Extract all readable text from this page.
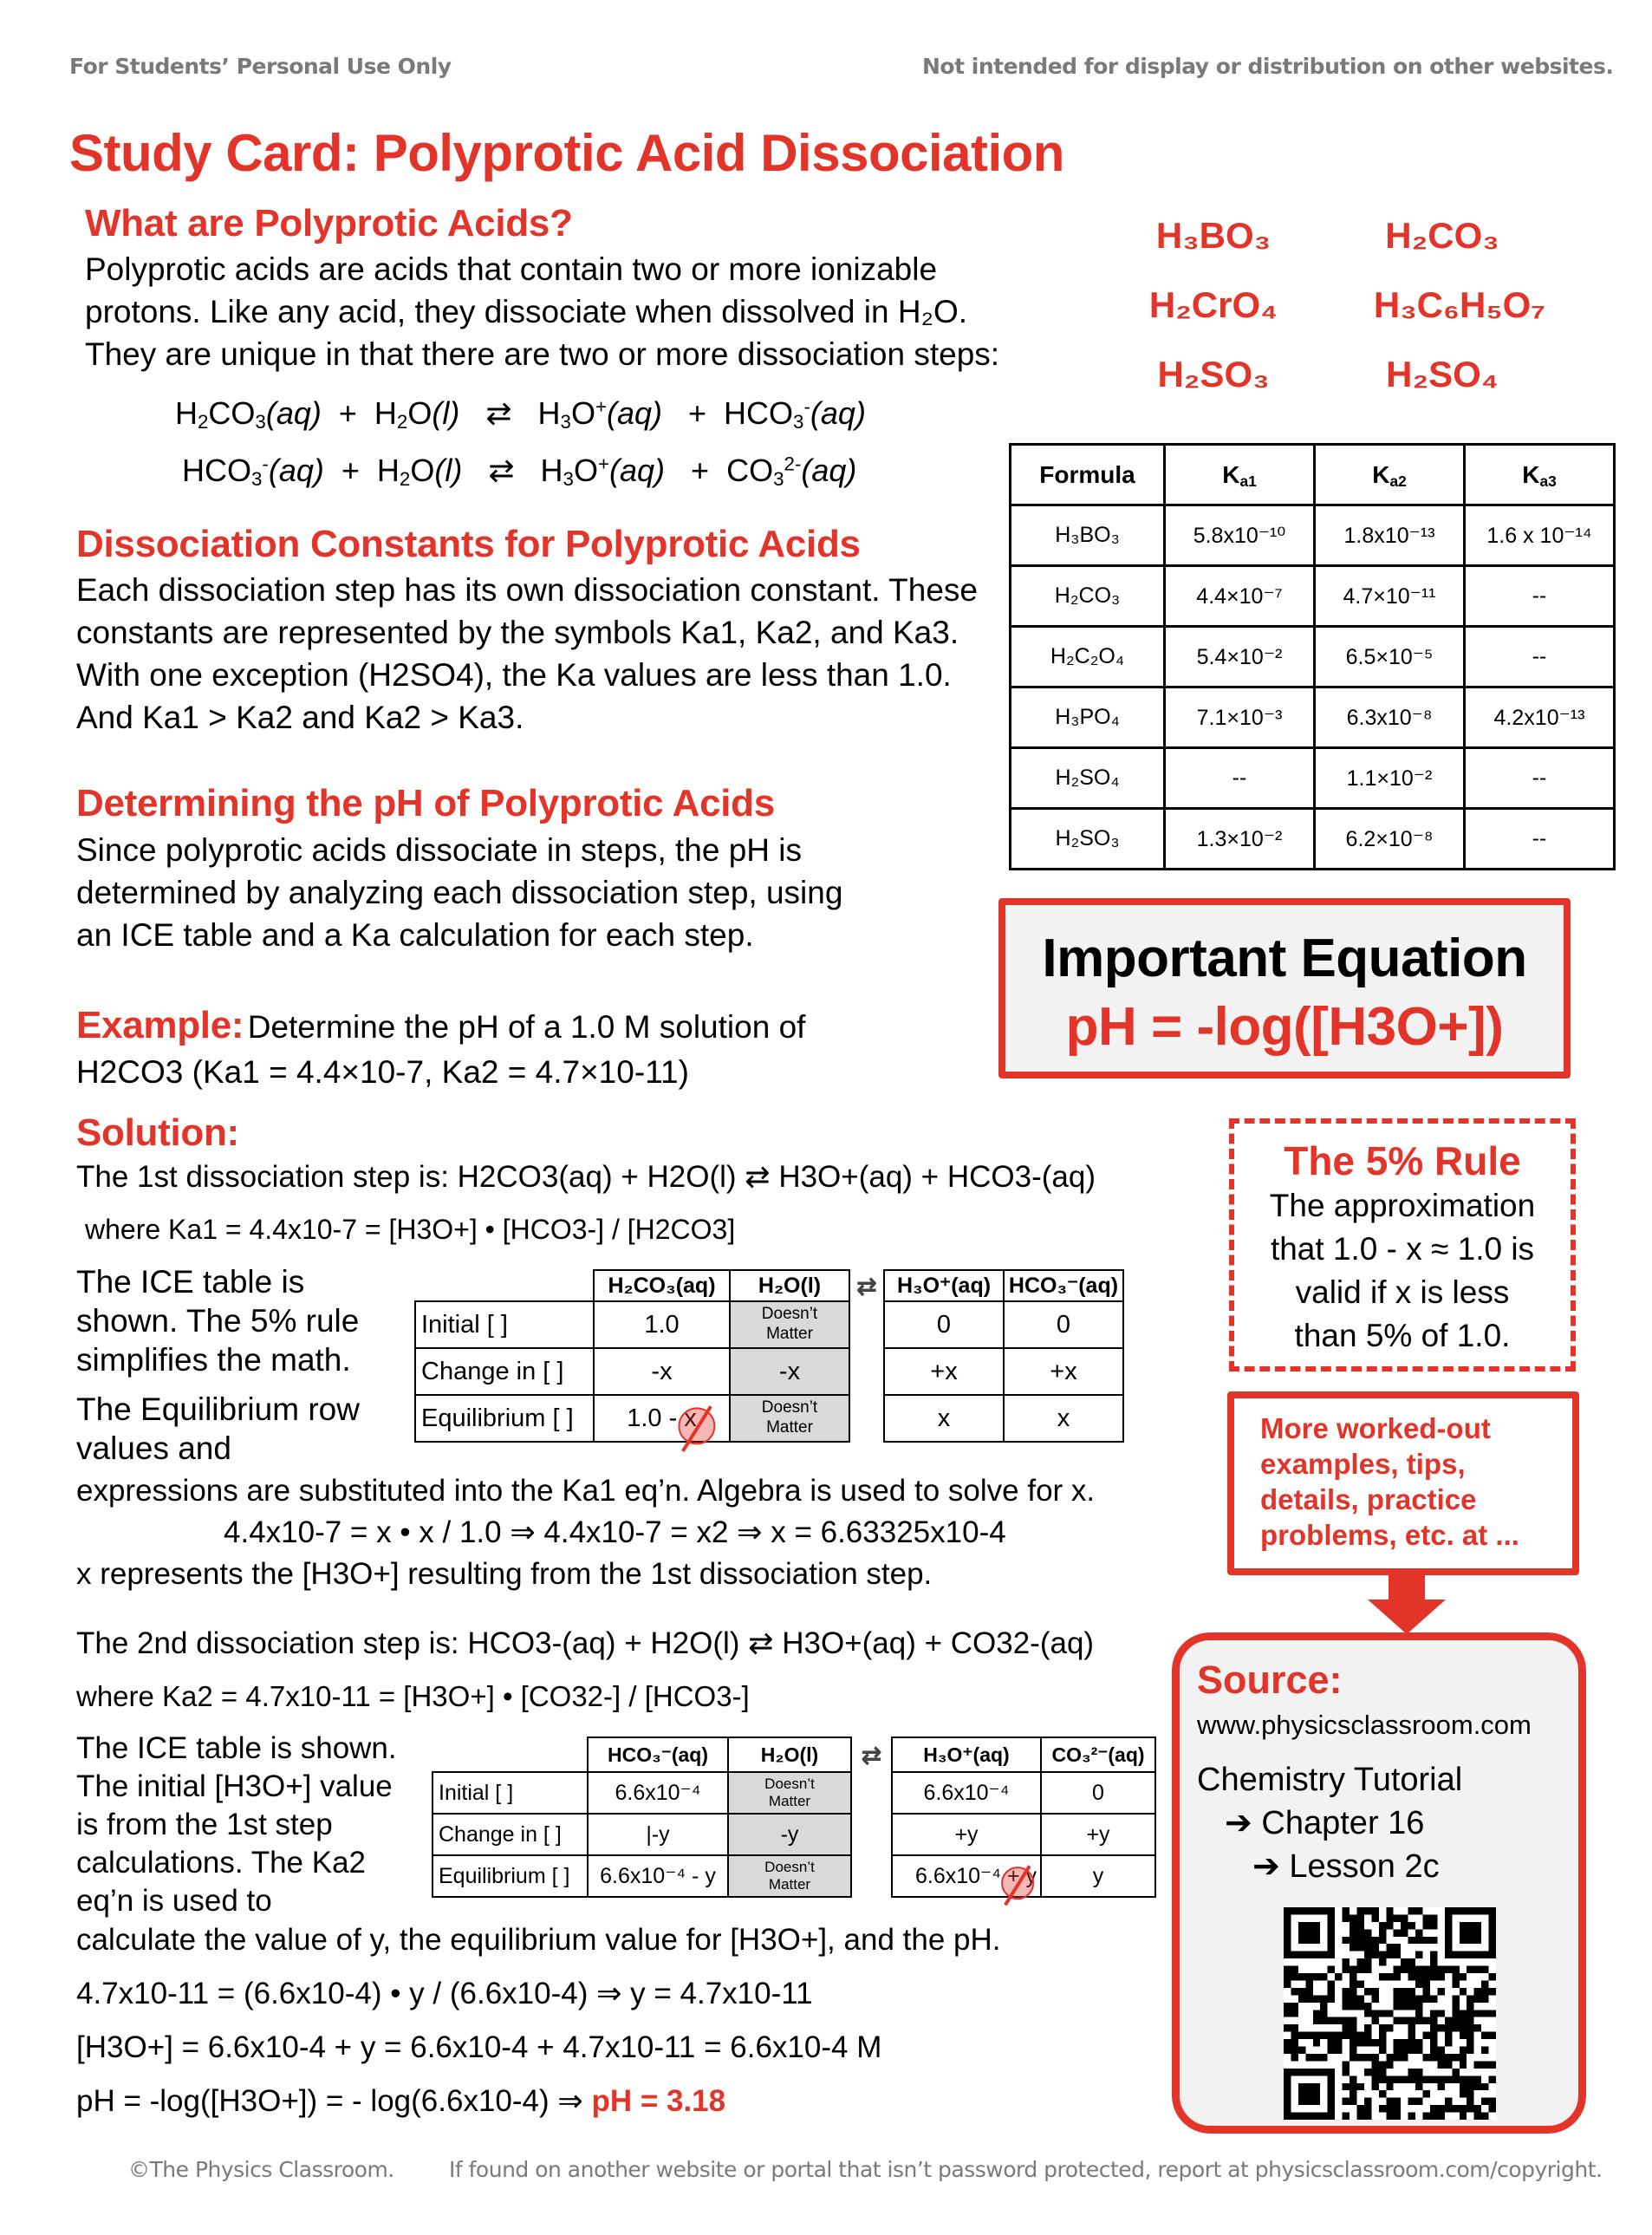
For Students’ Personal Use Only	Not intended for display or distribution on other websites.
Study Card: Polyprotic Acid Dissociation
What are Polyprotic Acids?
Polyprotic acids are acids that contain two or more ionizable
protons. Like any acid, they dissociate when dissolved in H₂O.
They are unique in that there are two or more dissociation steps:
$H_2CO_3(aq) + H_2O(l)$   ⇄   $H_3O^+(aq) + HCO_3^-(aq)$
$HCO_3^-(aq) + H_2O(l)$   ⇄   $H_3O^+(aq) + CO_3^{2-}(aq)$
H₃BO₃	H₂CO₃
H₂CrO₄	H₃C₆H₅O₇
H₂SO₃	H₂SO₄
Formula	$K_{a1}$	$K_{a2}$	$K_{a3}$
H₃BO₃	5.8x10⁻¹⁰	1.8x10⁻¹³	1.6 x 10⁻¹⁴
H₂CO₃	4.4×10⁻⁷	4.7×10⁻¹¹	--
H₂C₂O₄	5.4×10⁻²	6.5×10⁻⁵	--
H₃PO₄	7.1×10⁻³	6.3x10⁻⁸	4.2x10⁻¹³
H₂SO₄	--	1.1×10⁻²	--
H₂SO₃	1.3×10⁻²	6.2×10⁻⁸	--
Dissociation Constants for Polyprotic Acids
Each dissociation step has its own dissociation constant. These constants are represented by the symbols Ka1, Ka2, and Ka3. With one exception (H2SO4), the Ka values are less than 1.0. And Ka1 > Ka2 and Ka2 > Ka3.
Determining the pH of Polyprotic Acids
Since polyprotic acids dissociate in steps, the pH is
determined by analyzing each dissociation step, using
an ICE table and a Ka calculation for each step.	Important Equation
pH = -log([H3O+])
Example: Determine the pH of a 1.0 M solution of
H2CO3 (Ka1 = 4.4×10-7, Ka2 = 4.7×10-11)
Solution:
The 1st dissociation step is: H2CO3(aq) + H2O(l) ⇄ H3O+(aq) + HCO3-(aq)
where Ka1 = 4.4x10-7 = [H3O+] • [HCO3-] / [H2CO3]
The ICE table is
shown. The 5% rule
simplifies the math.
The Equilibrium row
values and
	H₂CO₃(aq)	H₂O(l)	⇄	H₃O⁺(aq)	HCO₃⁻(aq)
Initial [ ]	1.0	Doesn’t
Matter		0	0
Change in [ ]	-x	-x		+x	+x
Equilibrium [ ]	1.0 - x	Doesn’t
Matter		x	x
The 5% Rule
The approximation
that 1.0 - x ≈ 1.0 is
valid if x is less
than 5% of 1.0.
expressions are substituted into the Ka1 eq’n. Algebra is used to solve for x.
4.4x10-7 = x • x / 1.0 ⇒ 4.4x10-7 = x2 ⇒ x = 6.63325x10-4
x represents the [H3O+] resulting from the 1st dissociation step.
More worked-out
examples, tips,
details, practice
problems, etc. at ...
The 2nd dissociation step is: HCO3-(aq) + H2O(l) ⇄ H3O+(aq) + CO32-(aq)
where Ka2 = 4.7x10-11 = [H3O+] • [CO32-] / [HCO3-]
The ICE table is shown.
The initial [H3O+] value
is from the 1st step
calculations. The Ka2
eq’n is used to
	HCO₃⁻(aq)	H₂O(l)	⇄	H₃O⁺(aq)	CO₃²⁻(aq)
Initial [ ]	6.6x10⁻⁴	Doesn’t
Matter		6.6x10⁻⁴	0
Change in [ ]	|-y	-y		+y	+y
Equilibrium [ ]	6.6x10⁻⁴ - y	Doesn’t
Matter		6.6x10⁻⁴ + y	y
calculate the value of y, the equilibrium value for [H3O+], and the pH.
4.7x10-11 = (6.6x10-4) • y / (6.6x10-4) ⇒ y = 4.7x10-11
[H3O+] = 6.6x10-4 + y = 6.6x10-4 + 4.7x10-11 = 6.6x10-4 M
pH = -log([H3O+]) = - log(6.6x10-4) ⇒ pH = 3.18
Source:
www.physicsclassroom.com
Chemistry Tutorial
➔ Chapter 16
➔ Lesson 2c
©The Physics Classroom.	If found on another website or portal that isn’t password protected, report at physicsclassroom.com/copyright.
